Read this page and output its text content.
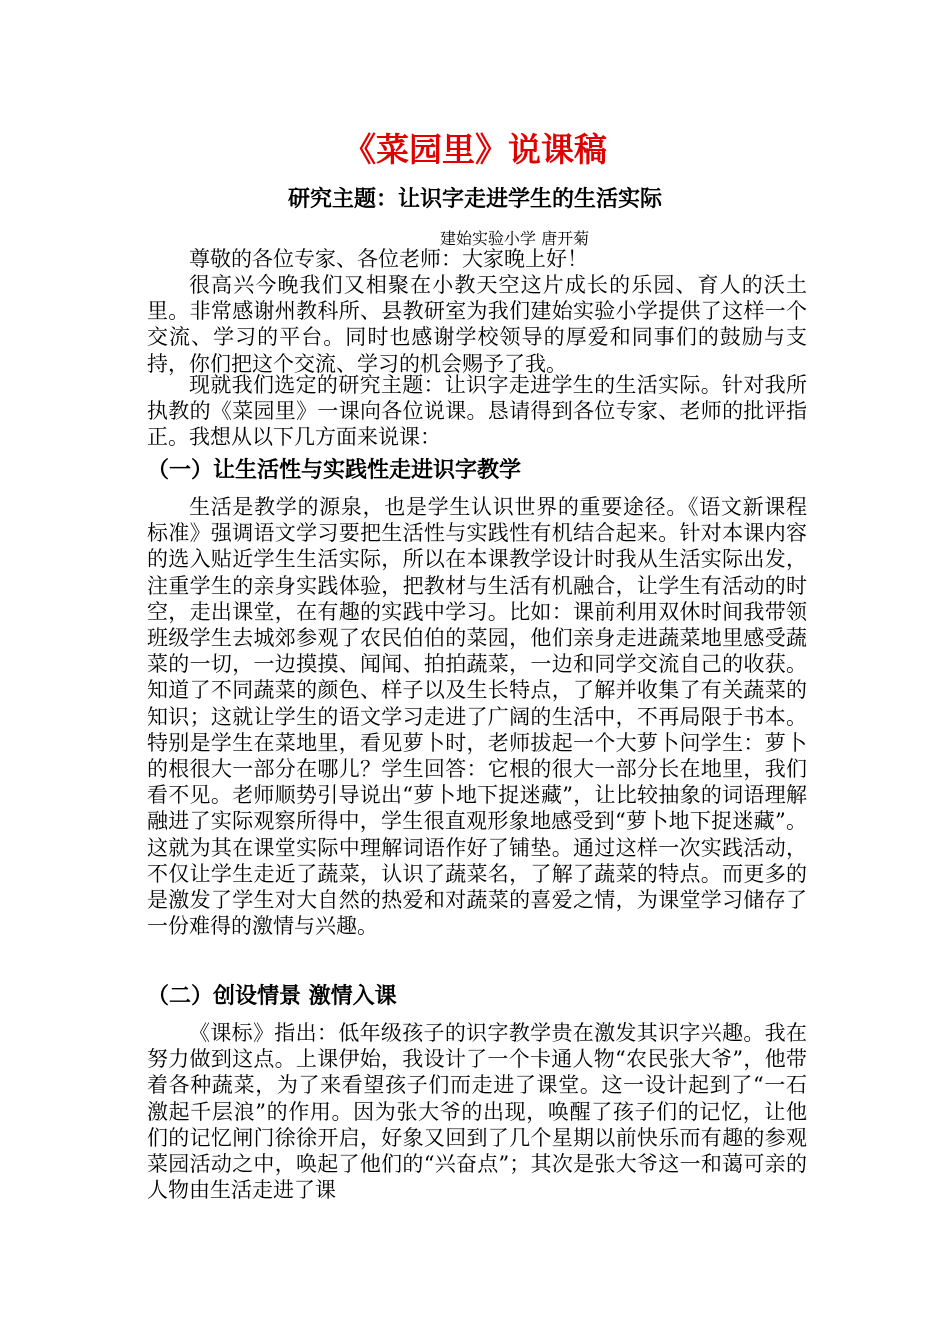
《菜园里》说课稿
研究主题：让识字走进学生的生活实际

建始实验小学 唐开菊

尊敬的各位专家、各位老师：大家晚上好！

很高兴今晚我们又相聚在小教天空这片成长的乐园、育人的沃土里。非常感谢州教科所、县教研室为我们建始实验小学提供了这样一个交流、学习的平台。同时也感谢学校领导的厚爱和同事们的鼓励与支持，你们把这个交流、学习的机会赐予了我。

现就我们选定的研究主题：让识字走进学生的生活实际。针对我所执教的《菜园里》一课向各位说课。恳请得到各位专家、老师的批评指正。我想从以下几方面来说课：

（一）让生活性与实践性走进识字教学

生活是教学的源泉，也是学生认识世界的重要途径。《语文新课程标准》强调语文学习要把生活性与实践性有机结合起来。针对本课内容的选入贴近学生生活实际，所以在本课教学设计时我从生活实际出发，注重学生的亲身实践体验，把教材与生活有机融合，让学生有活动的时空，走出课堂，在有趣的实践中学习。比如：课前利用双休时间我带领班级学生去城郊参观了农民伯伯的菜园，他们亲身走进蔬菜地里感受蔬菜的一切，一边摸摸、闻闻、拍拍蔬菜，一边和同学交流自己的收获。知道了不同蔬菜的颜色、样子以及生长特点，了解并收集了有关蔬菜的知识；这就让学生的语文学习走进了广阔的生活中，不再局限于书本。特别是学生在菜地里，看见萝卜时，老师拔起一个大萝卜问学生：萝卜的根很大一部分在哪儿？学生回答：它根的很大一部分长在地里，我们看不见。老师顺势引导说出“萝卜地下捉迷藏”，让比较抽象的词语理解融进了实际观察所得中，学生很直观形象地感受到“萝卜地下捉迷藏”。这就为其在课堂实际中理解词语作好了铺垫。通过这样一次实践活动，不仅让学生走近了蔬菜，认识了蔬菜名，了解了蔬菜的特点。而更多的是激发了学生对大自然的热爱和对蔬菜的喜爱之情，为课堂学习储存了一份难得的激情与兴趣。

（二）创设情景 激情入课

《课标》指出：低年级孩子的识字教学贵在激发其识字兴趣。我在努力做到这点。上课伊始，我设计了一个卡通人物“农民张大爷”，他带着各种蔬菜，为了来看望孩子们而走进了课堂。这一设计起到了“一石激起千层浪”的作用。因为张大爷的出现，唤醒了孩子们的记忆，让他们的记忆闸门徐徐开启，好象又回到了几个星期以前快乐而有趣的参观菜园活动之中，唤起了他们的“兴奋点”；其次是张大爷这一和蔼可亲的人物由生活走进了课
